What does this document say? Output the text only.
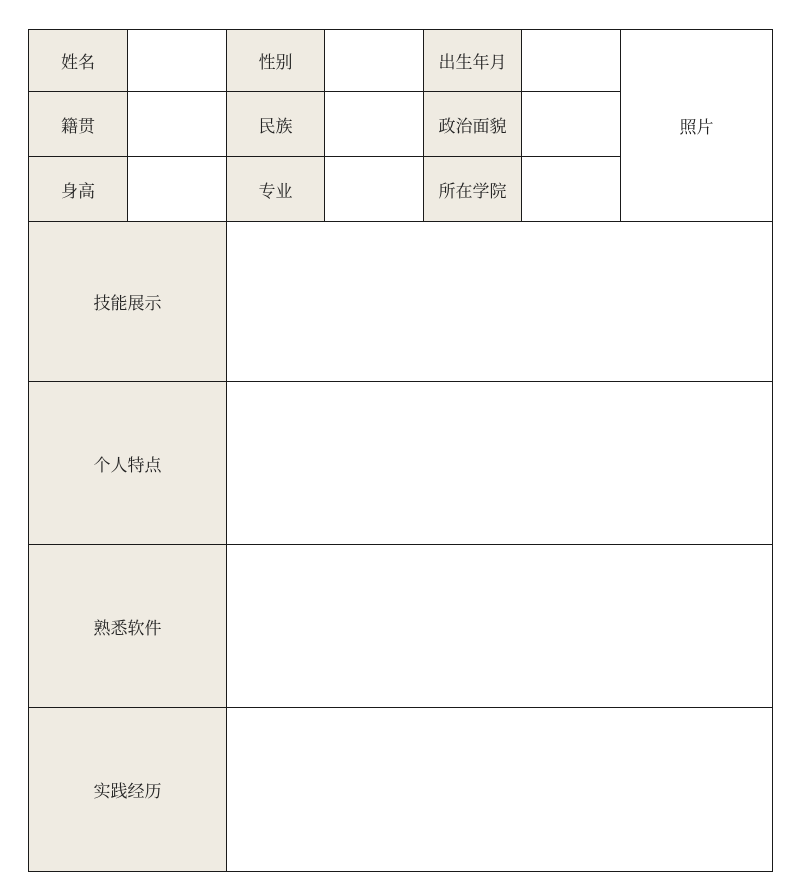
姓名		性别		出生年月		照片
籍贯		民族		政治面貌		
身高		专业		所在学院		
技能展示						
个人特点						
熟悉软件						
实践经历						
